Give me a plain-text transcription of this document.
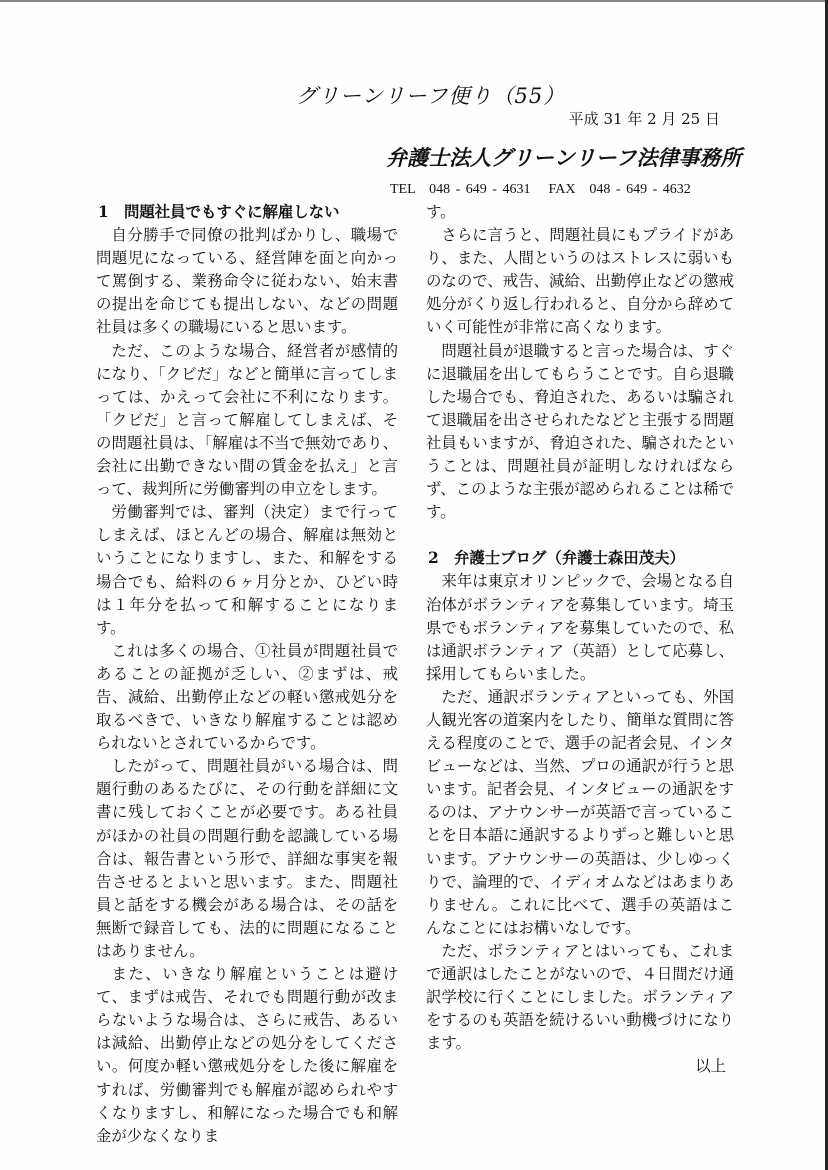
グリーンリーフ便り（55）
平成 31 年 2 月 25 日
弁護士法人グリーンリーフ法律事務所
TEL　048 - 649 - 4631 FAX　048 - 649 - 4632
1 問題社員でもすぐに解雇しない

自分勝手で同僚の批判ばかりし、職場で問題児になっている、経営陣を面と向かって罵倒する、業務命令に従わない、始末書の提出を命じても提出しない、などの問題社員は多くの職場にいると思います。

ただ、このような場合、経営者が感情的になり、「クビだ」などと簡単に言ってしまっては、かえって会社に不利になります。「クビだ」と言って解雇してしまえば、その問題社員は、「解雇は不当で無効であり、会社に出勤できない間の賃金を払え」と言って、裁判所に労働審判の申立をします。

労働審判では、審判（決定）まで行ってしまえば、ほとんどの場合、解雇は無効ということになりますし、また、和解をする場合でも、給料の６ヶ月分とか、ひどい時は１年分を払って和解することになります。

これは多くの場合、①社員が問題社員であることの証拠が乏しい、②まずは、戒告、減給、出勤停止などの軽い懲戒処分を取るべきで、いきなり解雇することは認められないとされているからです。

したがって、問題社員がいる場合は、問題行動のあるたびに、その行動を詳細に文書に残しておくことが必要です。ある社員がほかの社員の問題行動を認識している場合は、報告書という形で、詳細な事実を報告させるとよいと思います。また、問題社員と話をする機会がある場合は、その話を無断で録音しても、法的に問題になることはありません。

また、いきなり解雇ということは避けて、まずは戒告、それでも問題行動が改まらないような場合は、さらに戒告、あるいは減給、出勤停止などの処分をしてください。何度か軽い懲戒処分をした後に解雇をすれば、労働審判でも解雇が認められやすくなりますし、和解になった場合でも和解金が少なくなりま

す。

さらに言うと、問題社員にもプライドがあり、また、人間というのはストレスに弱いものなので、戒告、減給、出勤停止などの懲戒処分がくり返し行われると、自分から辞めていく可能性が非常に高くなります。

問題社員が退職すると言った場合は、すぐに退職届を出してもらうことです。自ら退職した場合でも、脅迫された、あるいは騙されて退職届を出させられたなどと主張する問題社員もいますが、脅迫された、騙されたということは、問題社員が証明しなければならず、このような主張が認められることは稀です。

2 弁護士ブログ（弁護士森田茂夫）

来年は東京オリンピックで、会場となる自治体がボランティアを募集しています。埼玉県でもボランティアを募集していたので、私は通訳ボランティア（英語）として応募し、採用してもらいました。

ただ、通訳ボランティアといっても、外国人観光客の道案内をしたり、簡単な質問に答える程度のことで、選手の記者会見、インタビューなどは、当然、プロの通訳が行うと思います。記者会見、インタビューの通訳をするのは、アナウンサーが英語で言っていることを日本語に通訳するよりずっと難しいと思います。アナウンサーの英語は、少しゆっくりで、論理的で、イディオムなどはあまりありません。これに比べて、選手の英語はこんなことにはお構いなしです。

ただ、ボランティアとはいっても、これまで通訳はしたことがないので、４日間だけ通訳学校に行くことにしました。ボランティアをするのも英語を続けるいい動機づけになります。

以上
